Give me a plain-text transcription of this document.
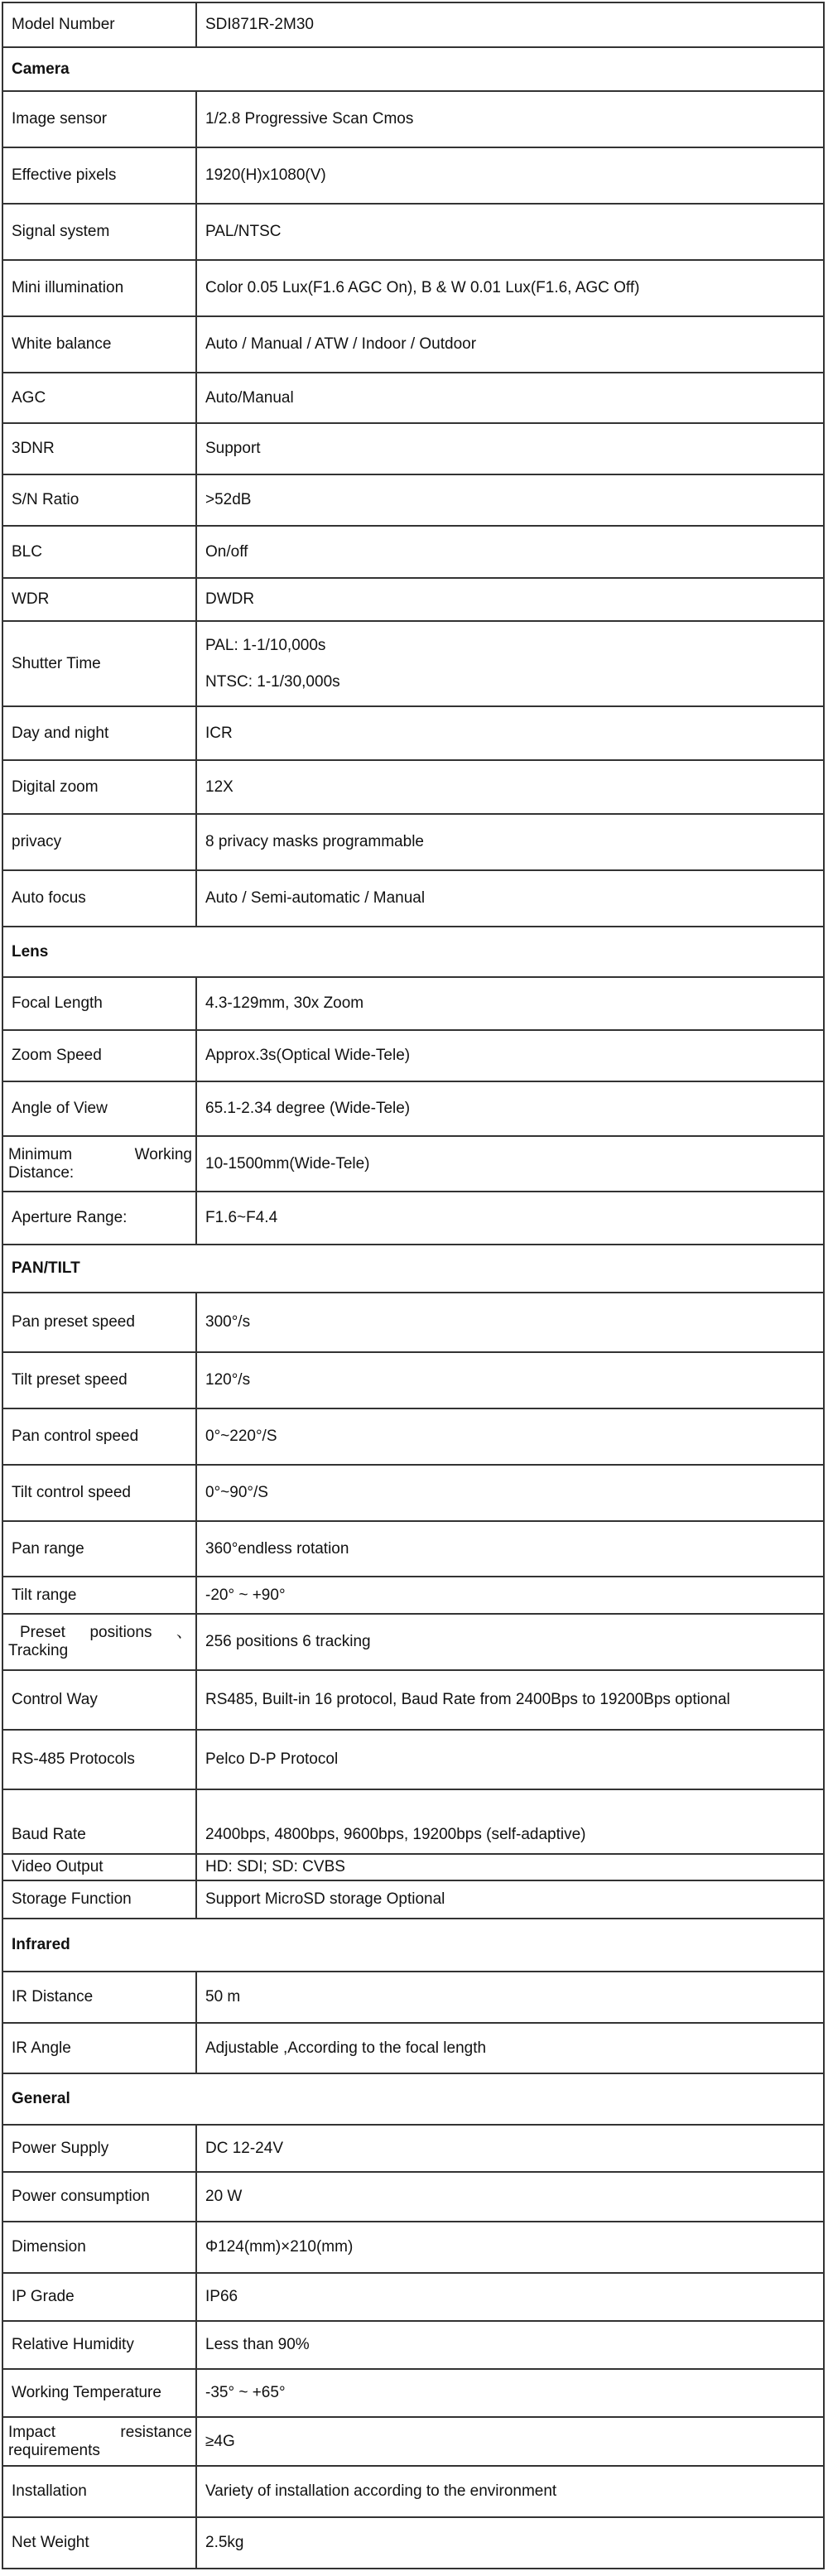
Model Number	SDI871R-2M30
Camera	
Image sensor	1/2.8 Progressive Scan Cmos
Effective pixels	1920(H)x1080(V)
Signal system	PAL/NTSC
Mini illumination	Color 0.05 Lux(F1.6 AGC On), B & W 0.01 Lux(F1.6, AGC Off)
White balance	Auto / Manual / ATW / Indoor / Outdoor
AGC	Auto/Manual
3DNR	Support
S/N Ratio	>52dB
BLC	On/off
WDR	DWDR
Shutter Time	PAL: 1-1/10,000s
NTSC: 1-1/30,000s

Day and night	ICR
Digital zoom	12X
privacy	8 privacy masks programmable
Auto focus	Auto / Semi-automatic / Manual
Lens	
Focal Length	4.3-129mm, 30x Zoom
Zoom Speed	Approx.3s(Optical Wide-Tele)
Angle of View	65.1-2.34 degree (Wide-Tele)

Minimum Working
Distance:	10-1500mm(Wide-Tele)
Aperture Range:	F1.6~F4.4
PAN/TILT	
Pan preset speed	300°/s
Tilt preset speed	120°/s
Pan control speed	0°~220°/S
Tilt control speed	0°~90°/S
Pan range	360°endless rotation
Tilt range	-20° ~ +90°

Preset positions 、
Tracking	256 positions 6 tracking
Control Way	RS485, Built-in 16 protocol, Baud Rate from 2400Bps to 19200Bps optional
RS-485 Protocols	Pelco D-P Protocol
Baud Rate	2400bps, 4800bps, 9600bps, 19200bps (self-adaptive)
Video Output	HD: SDI; SD: CVBS
Storage Function	Support MicroSD storage Optional
Infrared	
IR Distance	50 m
IR Angle	Adjustable ,According to the focal length
General	
Power Supply	DC 12-24V
Power consumption	20 W
Dimension	Φ124(mm)×210(mm)
IP Grade	IP66
Relative Humidity	Less than 90%
Working Temperature	-35° ~ +65°

Impact resistance
requirements	≥4G
Installation	Variety of installation according to the environment
Net Weight	2.5kg
